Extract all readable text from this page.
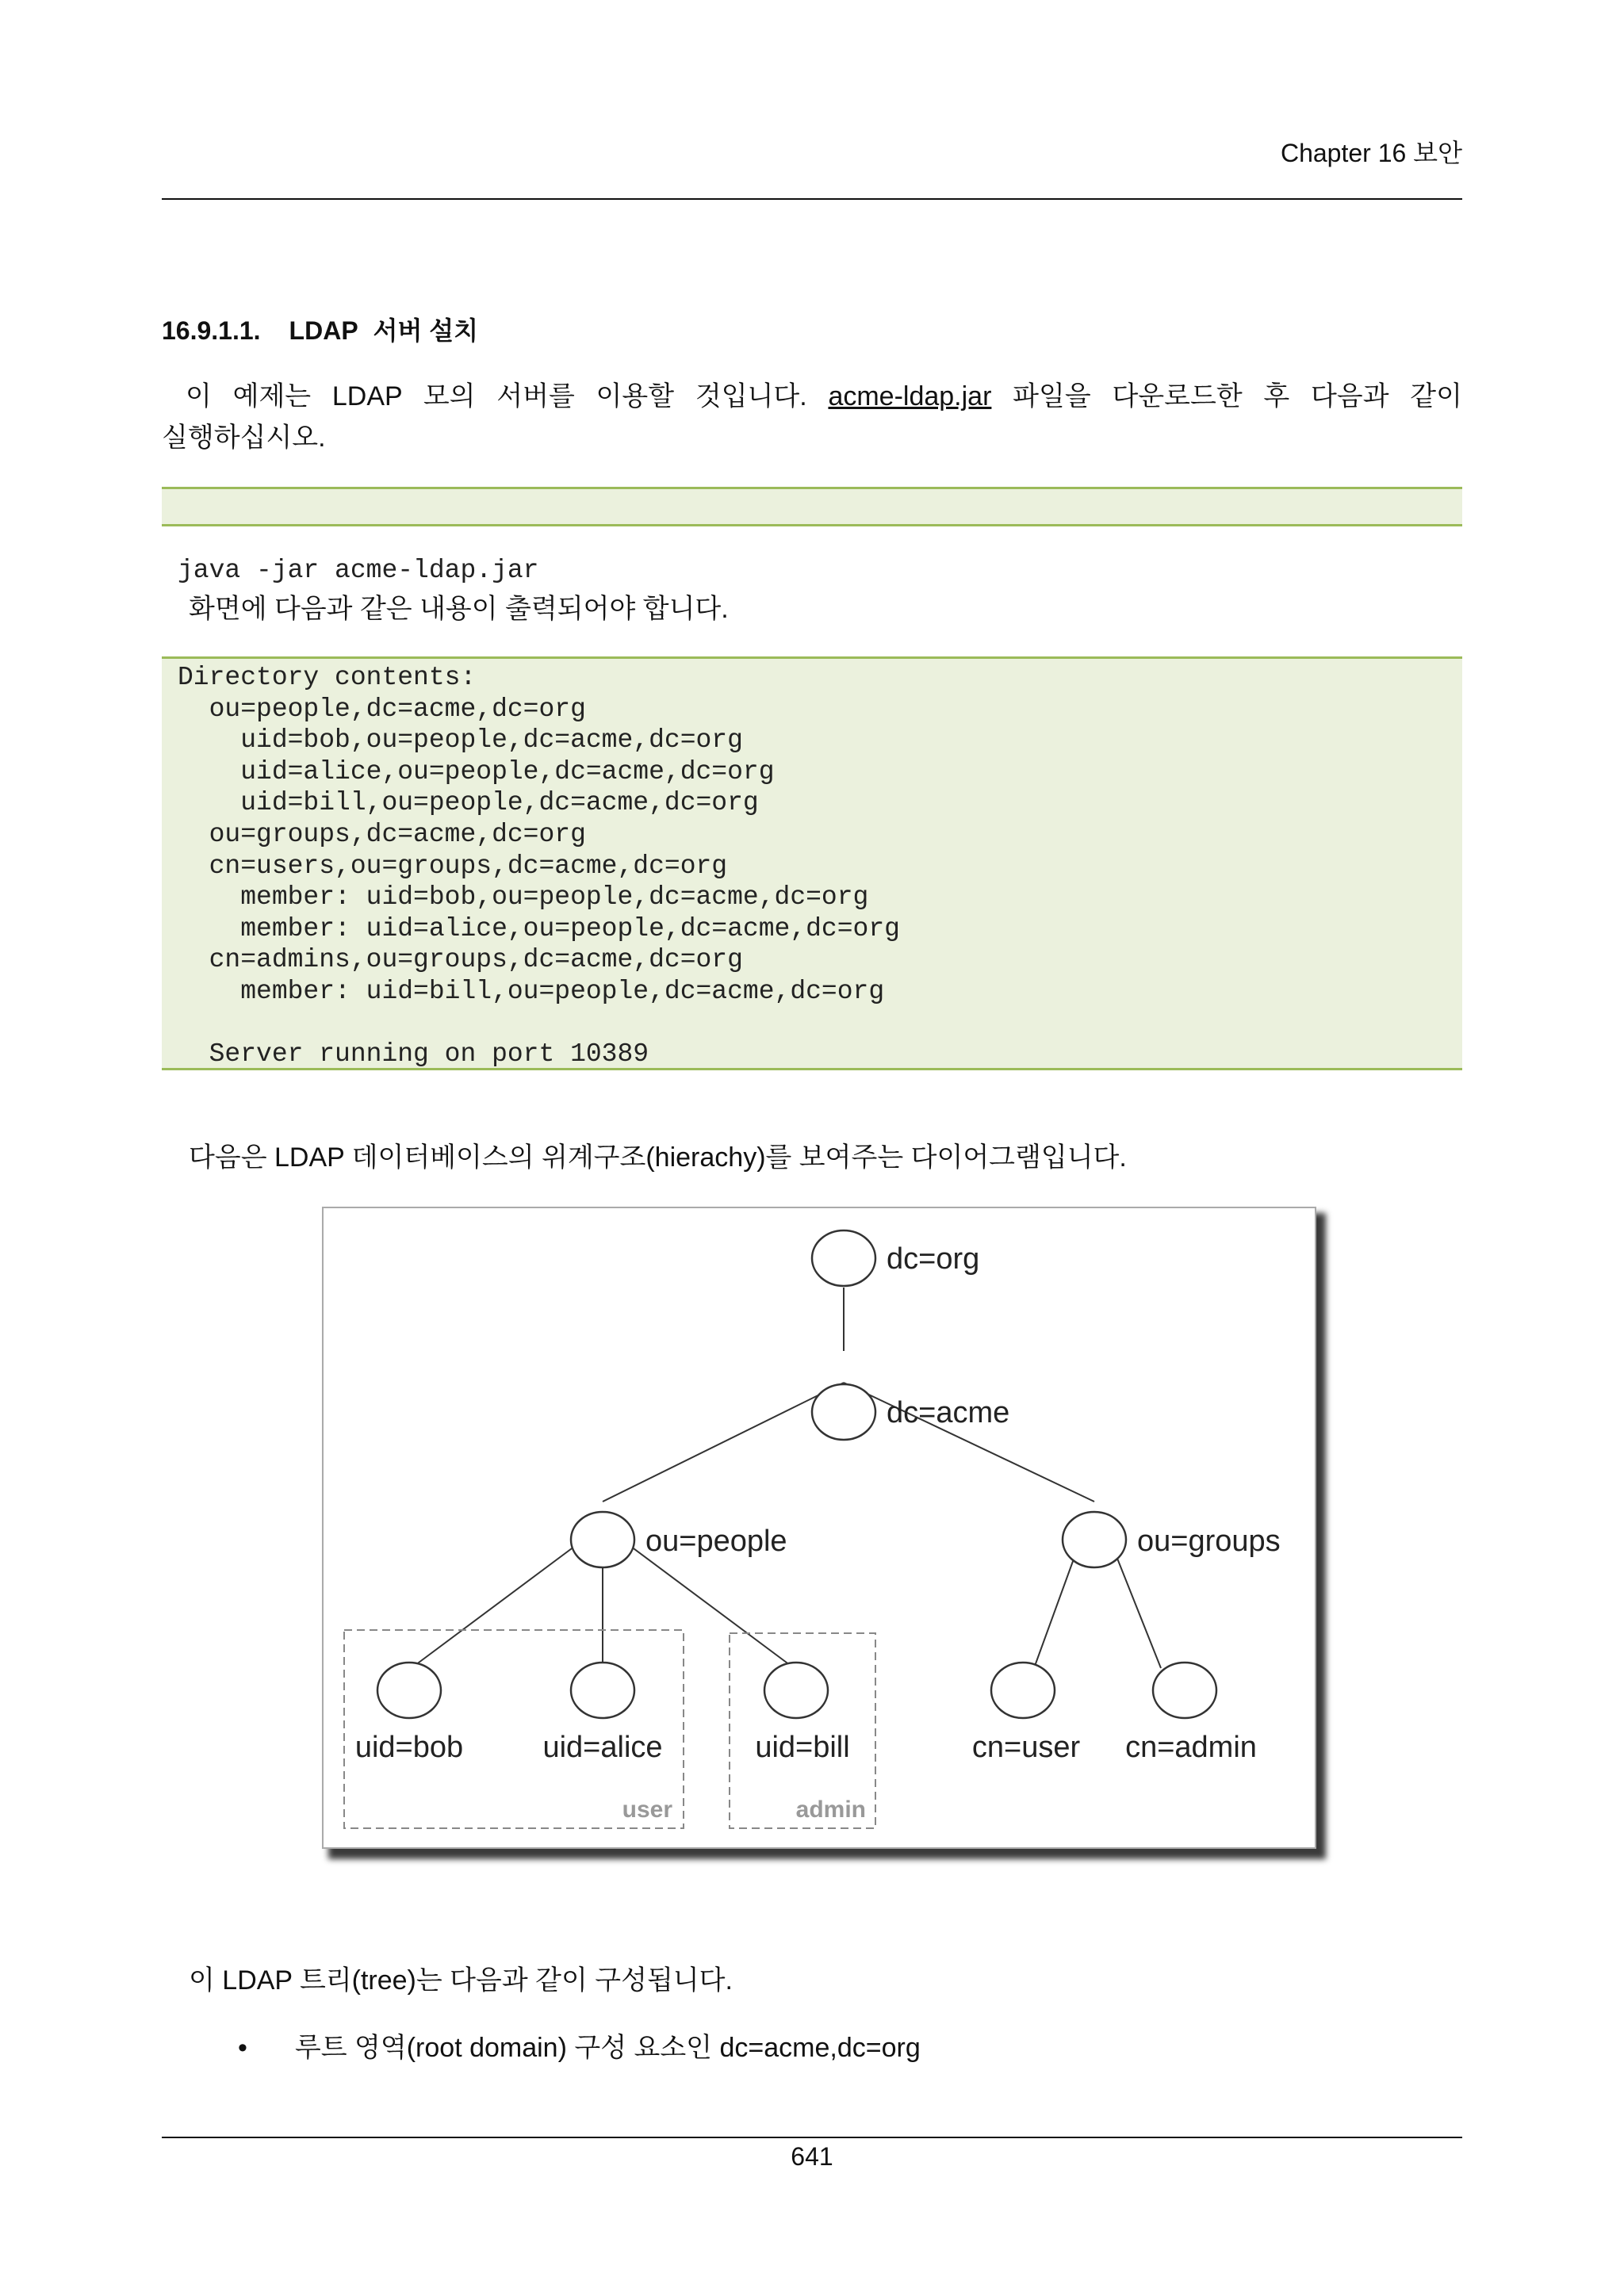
Chapter 16 보안
16.9.1.1. LDAP 서버 설치
이 예제는 LDAP 모의 서버를 이용할 것입니다. acme-ldap.jar 파일을 다운로드한 후 다음과 같이
실행하십시오.

java -jar acme-ldap.jar

화면에 다음과 같은 내용이 출력되어야 합니다.
Directory contents:
ou=people,dc=acme,dc=org
uid=bob,ou=people,dc=acme,dc=org
uid=alice,ou=people,dc=acme,dc=org
uid=bill,ou=people,dc=acme,dc=org
ou=groups,dc=acme,dc=org
cn=users,ou=groups,dc=acme,dc=org
member: uid=bob,ou=people,dc=acme,dc=org
member: uid=alice,ou=people,dc=acme,dc=org
cn=admins,ou=groups,dc=acme,dc=org
member: uid=bill,ou=people,dc=acme,dc=org
Server running on port 10389
다음은 LDAP 데이터베이스의 위계구조(hierachy)를 보여주는 다이어그램입니다.
dc=org
dc=acme
ou=people	ou=groups
uid=bob	uid=alice	uid=bill	cn=user cn=admin
user	admin
이 LDAP 트리(tree)는 다음과 같이 구성됩니다.
• 루트 영역(root domain) 구성 요소인 dc=acme,dc=org
641
